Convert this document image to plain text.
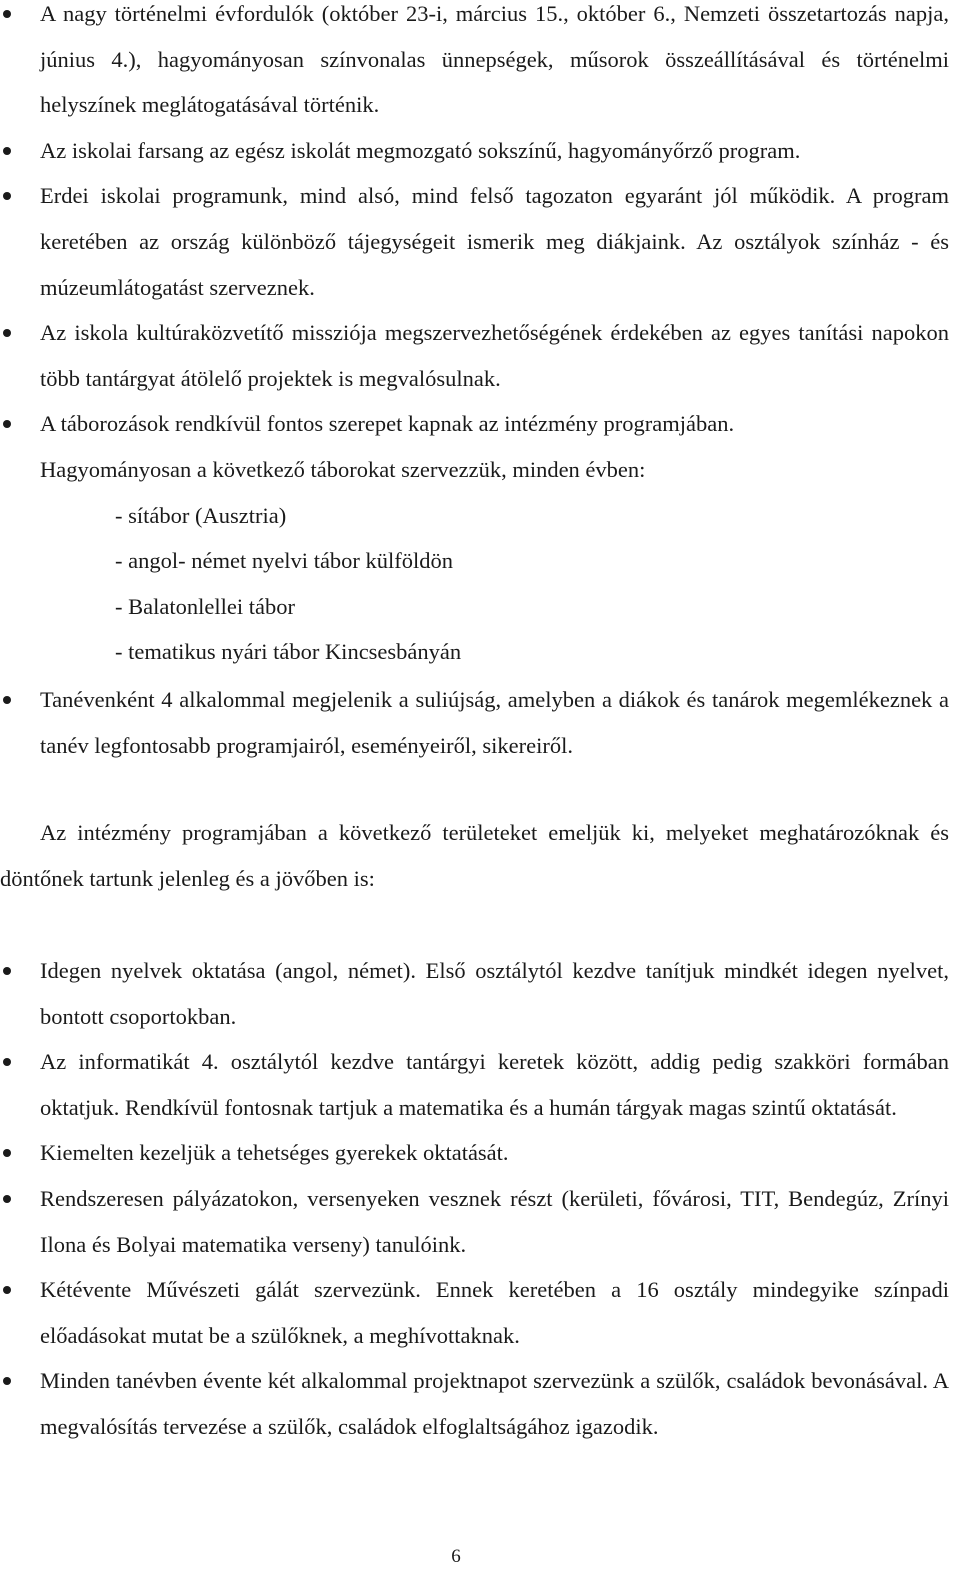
A nagy történelmi évfordulók (október 23-i, március 15., október 6., Nemzeti összetartozás napja, június 4.), hagyományosan színvonalas ünnepségek, műsorok összeállításával és történelmi helyszínek meglátogatásával történik.
Az iskolai farsang az egész iskolát megmozgató sokszínű, hagyományőrző program.
Erdei iskolai programunk, mind alsó, mind felső tagozaton egyaránt jól működik. A program keretében az ország különböző tájegységeit ismerik meg diákjaink. Az osztályok színház - és múzeumlátogatást szerveznek.
Az iskola kultúraközvetítő missziója megszervezhetőségének érdekében az egyes tanítási napokon több tantárgyat átölelő projektek is megvalósulnak.
A táborozások rendkívül fontos szerepet kapnak az intézmény programjában.
Hagyományosan a következő táborokat szervezzük, minden évben:
- sítábor (Ausztria)
- angol- német nyelvi tábor külföldön
- Balatonlellei tábor
- tematikus nyári tábor Kincsesbányán
Tanévenként 4 alkalommal megjelenik a suliújság, amelyben a diákok és tanárok megemlékeznek a tanév legfontosabb programjairól, eseményeiről, sikereiről.

Az intézmény programjában a következő területeket emeljük ki, melyeket meghatározóknak és döntőnek tartunk jelenleg és a jövőben is:

Idegen nyelvek oktatása (angol, német). Első osztálytól kezdve tanítjuk mindkét idegen nyelvet, bontott csoportokban.
Az informatikát 4. osztálytól kezdve tantárgyi keretek között, addig pedig szakköri formában oktatjuk. Rendkívül fontosnak tartjuk a matematika és a humán tárgyak magas szintű oktatását.
Kiemelten kezeljük a tehetséges gyerekek oktatását.
Rendszeresen pályázatokon, versenyeken vesznek részt (kerületi, fővárosi, TIT, Bendegúz, Zrínyi Ilona és Bolyai matematika verseny) tanulóink.
Kétévente Művészeti gálát szervezünk. Ennek keretében a 16 osztály mindegyike színpadi előadásokat mutat be a szülőknek, a meghívottaknak.
Minden tanévben évente két alkalommal projektnapot szervezünk a szülők, családok bevonásával. A megvalósítás tervezése a szülők, családok elfoglaltságához igazodik.
6
